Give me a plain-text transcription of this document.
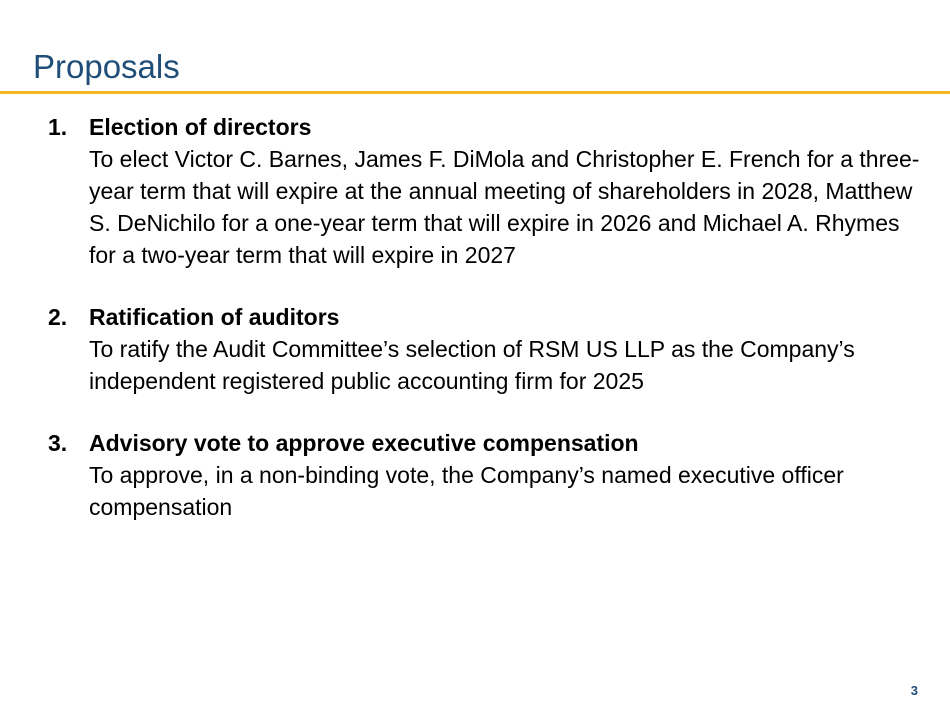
Proposals
1. Election of directors
To elect Victor C. Barnes, James F. DiMola and Christopher E. French for a three-year term that will expire at the annual meeting of shareholders in 2028, Matthew S. DeNichilo for a one-year term that will expire in 2026 and Michael A. Rhymes for a two-year term that will expire in 2027
2. Ratification of auditors
To ratify the Audit Committee’s selection of RSM US LLP as the Company’s independent registered public accounting firm for 2025
3. Advisory vote to approve executive compensation
To approve, in a non-binding vote, the Company’s named executive officer compensation
3
